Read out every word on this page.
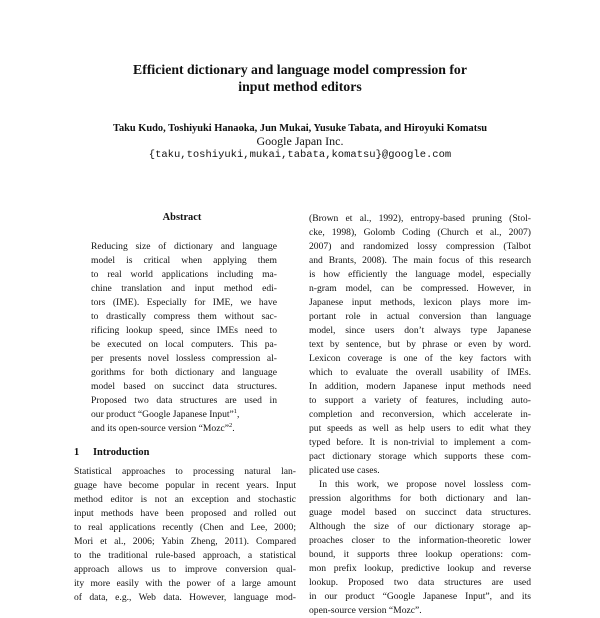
Efficient dictionary and language model compression for
input method editors
Taku Kudo, Toshiyuki Hanaoka, Jun Mukai, Yusuke Tabata, and Hiroyuki Komatsu
Google Japan Inc.
{taku,toshiyuki,mukai,tabata,komatsu}@google.com
Abstract
Reducing size of dictionary and language
model is critical when applying them
to real world applications including ma-
chine translation and input method edi-
tors (IME). Especially for IME, we have
to drastically compress them without sac-
rificing lookup speed, since IMEs need to
be executed on local computers. This pa-
per presents novel lossless compression al-
gorithms for both dictionary and language
model based on succinct data structures.
Proposed two data structures are used in
our product “Google Japanese Input”$^1$,
and its open-source version “Mozc”$^2$.
1 Introduction
Statistical approaches to processing natural lan-
guage have become popular in recent years. Input
method editor is not an exception and stochastic
input methods have been proposed and rolled out
to real applications recently (Chen and Lee, 2000;
Mori et al., 2006; Yabin Zheng, 2011). Compared
to the traditional rule-based approach, a statistical
approach allows us to improve conversion qual-
ity more easily with the power of a large amount
of data, e.g., Web data. However, language mod-
(Brown et al., 1992), entropy-based pruning (Stol-
cke, 1998), Golomb Coding (Church et al., 2007)
2007) and randomized lossy compression (Talbot
and Brants, 2008). The main focus of this research
is how efficiently the language model, especially
n-gram model, can be compressed. However, in
Japanese input methods, lexicon plays more im-
portant role in actual conversion than language
model, since users don’t always type Japanese
text by sentence, but by phrase or even by word.
Lexicon coverage is one of the key factors with
which to evaluate the overall usability of IMEs.
In addition, modern Japanese input methods need
to support a variety of features, including auto-
completion and reconversion, which accelerate in-
put speeds as well as help users to edit what they
typed before. It is non-trivial to implement a com-
pact dictionary storage which supports these com-
plicated use cases.
In this work, we propose novel lossless com-
pression algorithms for both dictionary and lan-
guage model based on succinct data structures.
Although the size of our dictionary storage ap-
proaches closer to the information-theoretic lower
bound, it supports three lookup operations: com-
mon prefix lookup, predictive lookup and reverse
lookup. Proposed two data structures are used
in our product “Google Japanese Input”, and its
open-source version “Mozc”.
